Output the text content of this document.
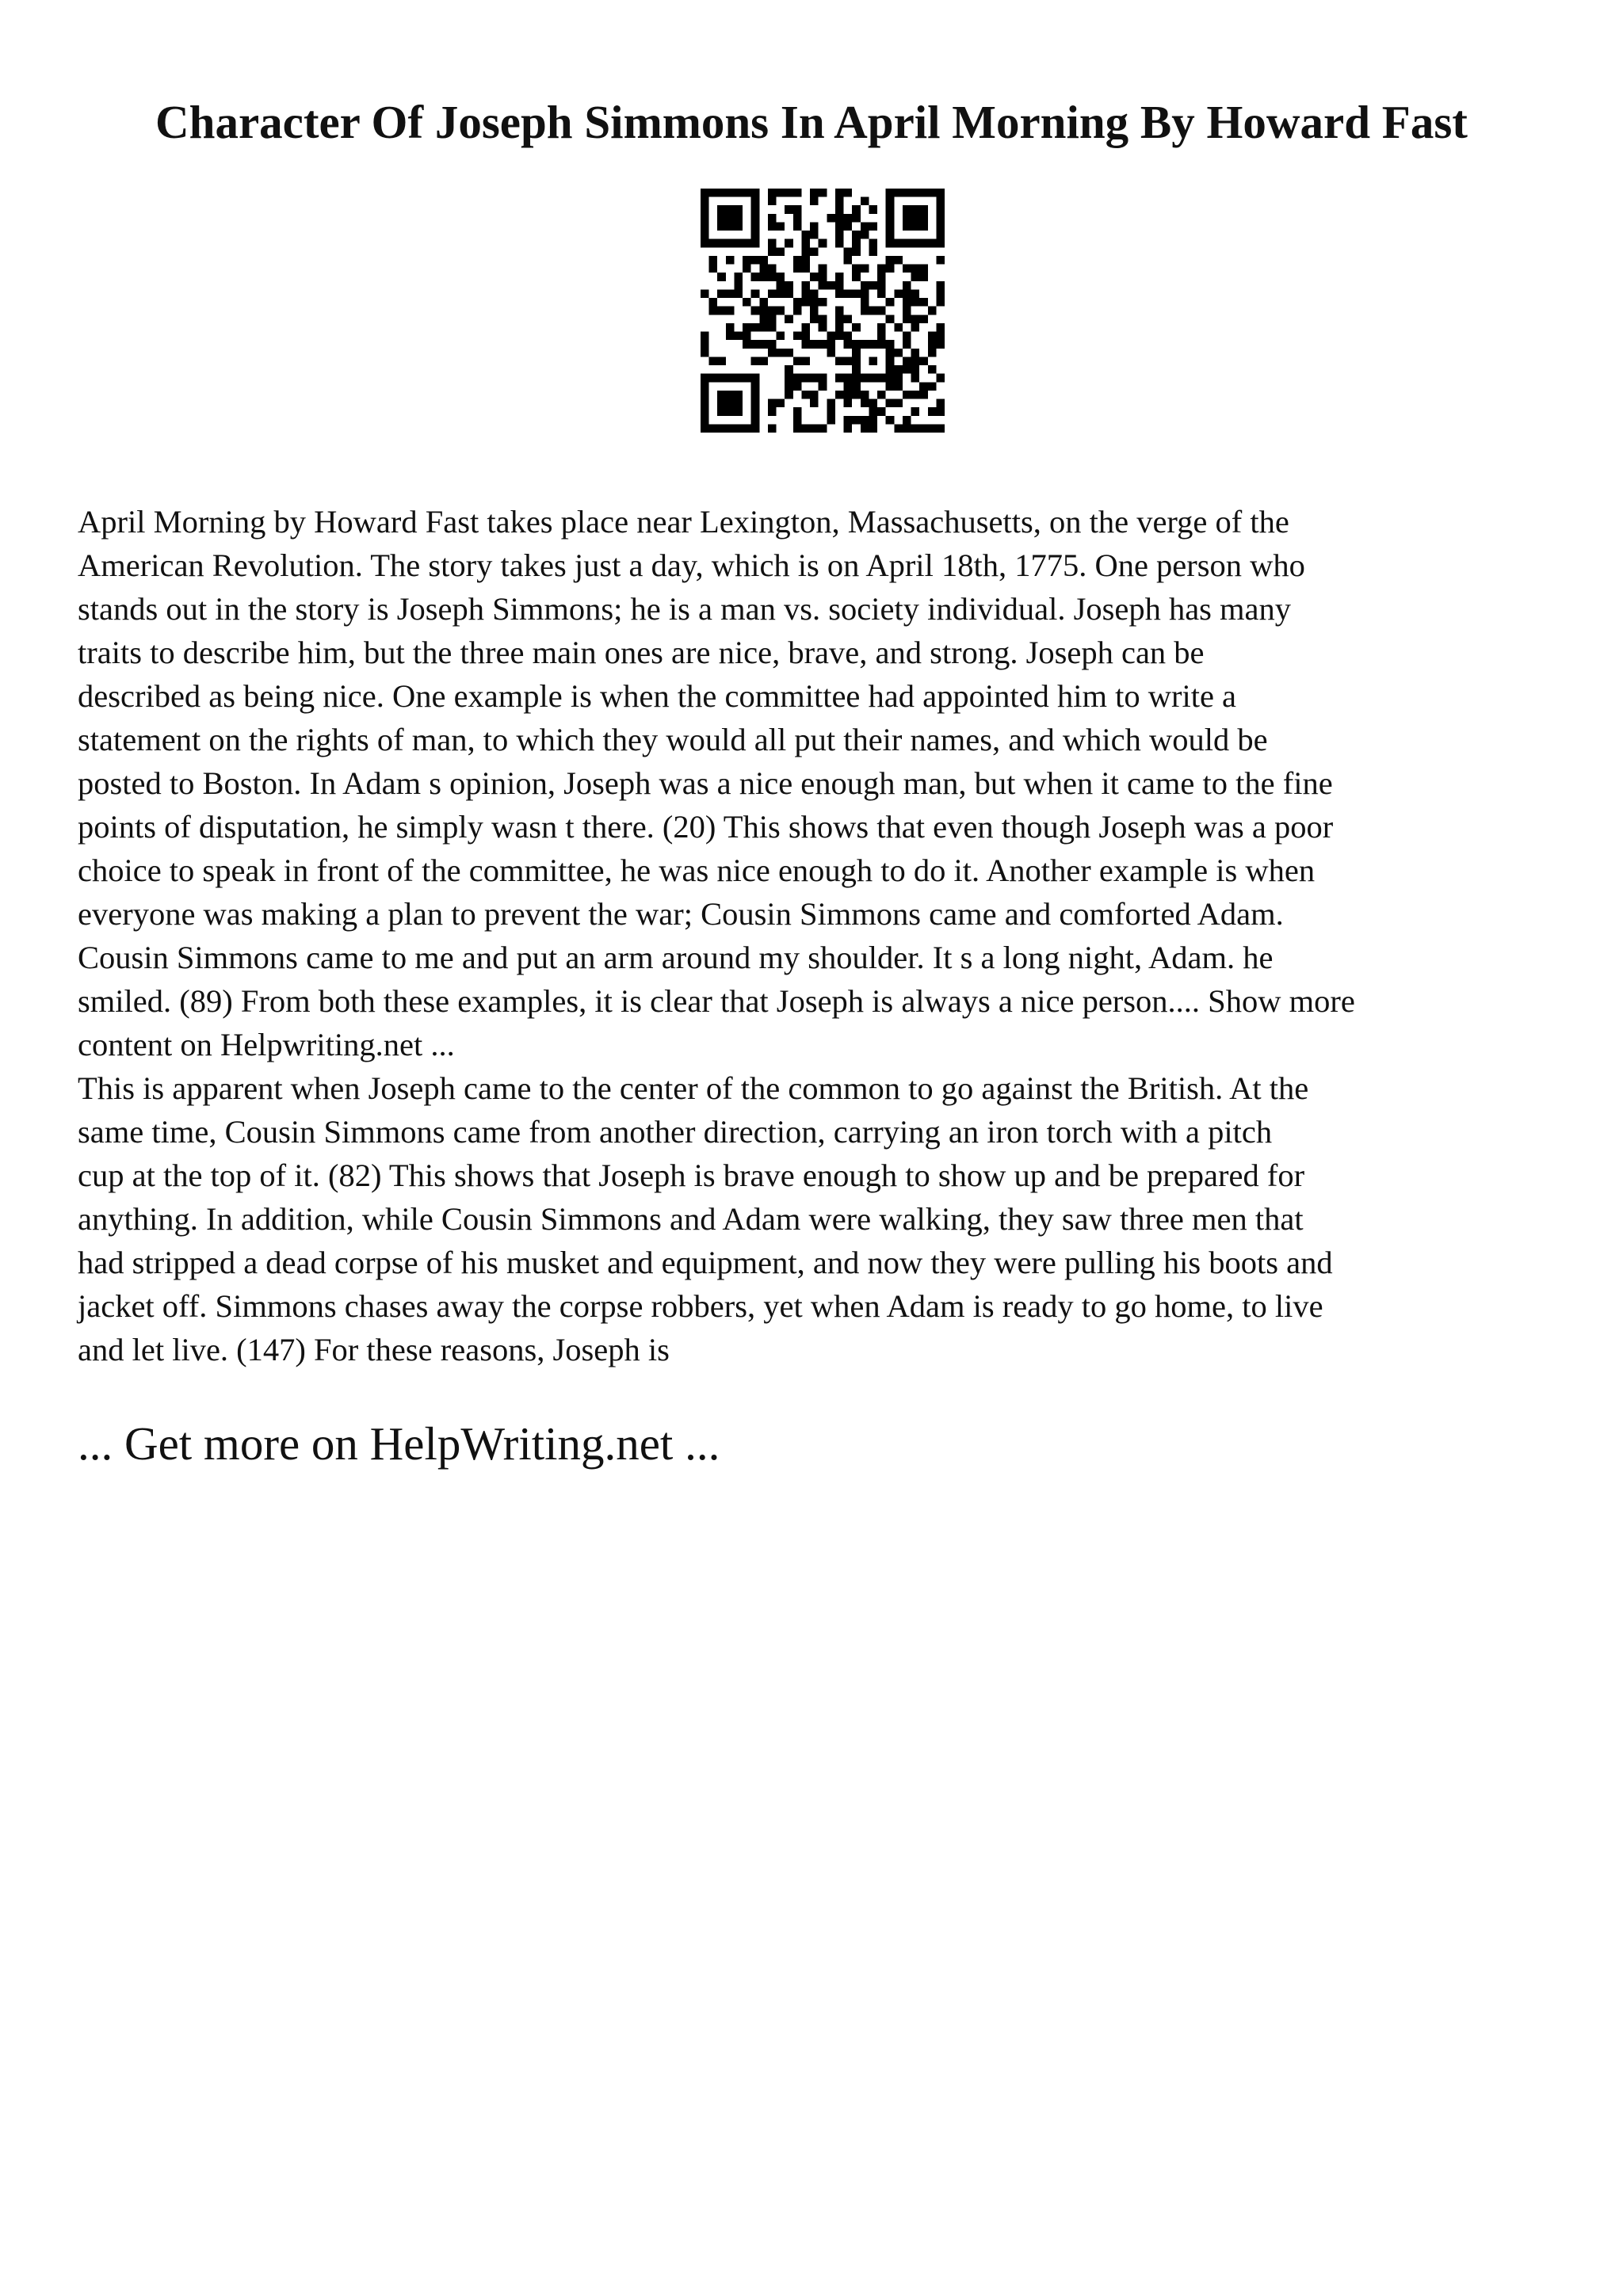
Character Of Joseph Simmons In April Morning By Howard Fast

April Morning by Howard Fast takes place near Lexington, Massachusetts, on the verge of the
American Revolution. The story takes just a day, which is on April 18th, 1775. One person who
stands out in the story is Joseph Simmons; he is a man vs. society individual. Joseph has many
traits to describe him, but the three main ones are nice, brave, and strong. Joseph can be
described as being nice. One example is when the committee had appointed him to write a
statement on the rights of man, to which they would all put their names, and which would be
posted to Boston. In Adam s opinion, Joseph was a nice enough man, but when it came to the fine
points of disputation, he simply wasn t there. (20) This shows that even though Joseph was a poor
choice to speak in front of the committee, he was nice enough to do it. Another example is when
everyone was making a plan to prevent the war; Cousin Simmons came and comforted Adam.
Cousin Simmons came to me and put an arm around my shoulder. It s a long night, Adam. he
smiled. (89) From both these examples, it is clear that Joseph is always a nice person.... Show more
content on Helpwriting.net ...

This is apparent when Joseph came to the center of the common to go against the British. At the
same time, Cousin Simmons came from another direction, carrying an iron torch with a pitch
cup at the top of it. (82) This shows that Joseph is brave enough to show up and be prepared for
anything. In addition, while Cousin Simmons and Adam were walking, they saw three men that
had stripped a dead corpse of his musket and equipment, and now they were pulling his boots and
jacket off. Simmons chases away the corpse robbers, yet when Adam is ready to go home, to live
and let live. (147) For these reasons, Joseph is

... Get more on HelpWriting.net ...
